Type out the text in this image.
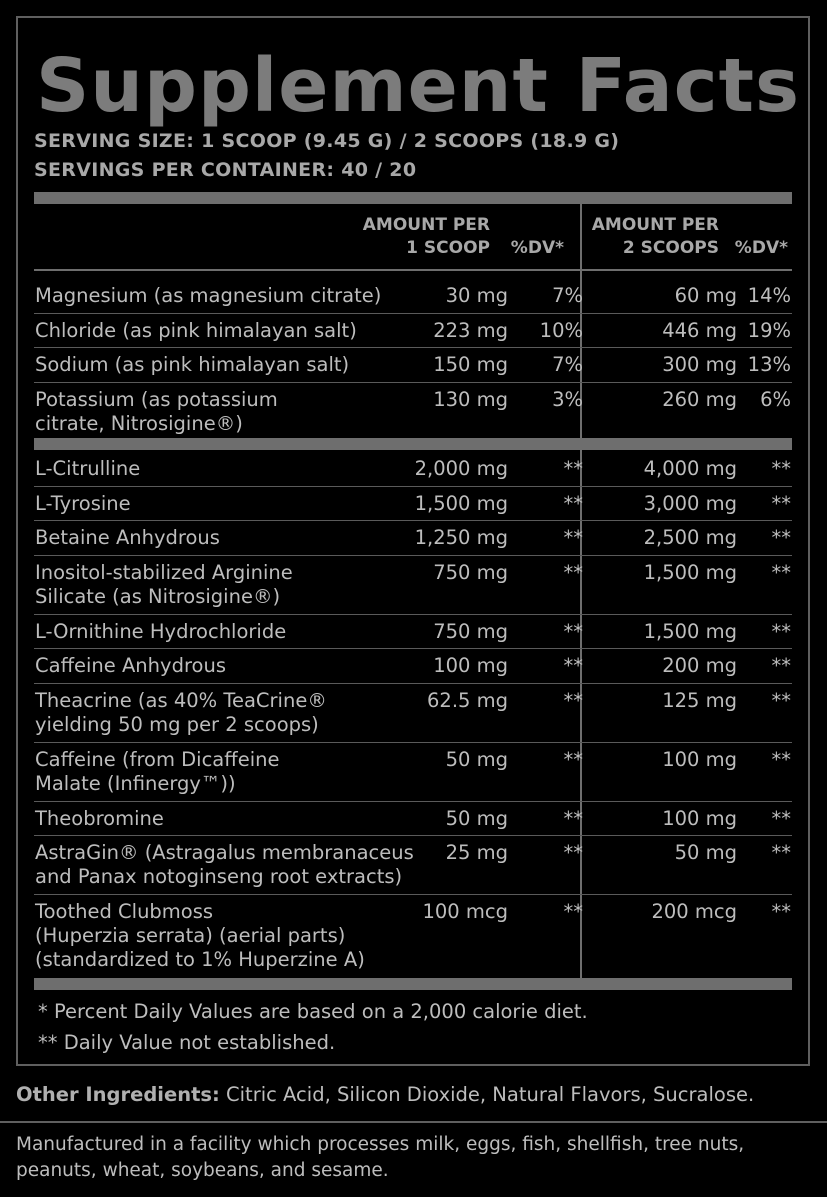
Supplement Facts
SERVING SIZE: 1 SCOOP (9.45 G) / 2 SCOOPS (18.9 G)
SERVINGS PER CONTAINER: 40 / 20
AMOUNT PER
1 SCOOP %DV*
AMOUNT PER
2 SCOOPS %DV*
Magnesium (as magnesium citrate)	30 mg 7%	60 mg 14%
Chloride (as pink himalayan salt)	223 mg 10%	446 mg 19%
Sodium (as pink himalayan salt)	150 mg 7%	300 mg 13%
Potassium (as potassium
citrate, Nitrosigine®)
130 mg 3%	260 mg 6%
L-Citrulline	2,000 mg	**	4,000 mg **
L-Tyrosine	1,500 mg	**	3,000 mg **
Betaine Anhydrous	1,250 mg	**	2,500 mg **
Inositol-stabilized Arginine
Silicate (as Nitrosigine®)
750 mg	**	1,500 mg **
L-Ornithine Hydrochloride	750 mg	**	1,500 mg **
Caffeine Anhydrous	100 mg	**	200 mg **
Theacrine (as 40% TeaCrine®
yielding 50 mg per 2 scoops)
62.5 mg	**	125 mg **
Caffeine (from Dicaffeine
Malate (Infinergy™))
50 mg	**	100 mg **
Theobromine	50 mg	**	100 mg **
AstraGin® (Astragalus membranaceus
and Panax notoginseng root extracts)
25 mg	**	50 mg **
Toothed Clubmoss
(Huperzia serrata) (aerial parts)
(standardized to 1% Huperzine A)
100 mcg	**	200 mcg **
* Percent Daily Values are based on a 2,000 calorie diet.
** Daily Value not established.
Other Ingredients: Citric Acid, Silicon Dioxide, Natural Flavors, Sucralose.
Manufactured in a facility which processes milk, eggs, fish, shellfish, tree nuts, peanuts, wheat, soybeans, and sesame.
